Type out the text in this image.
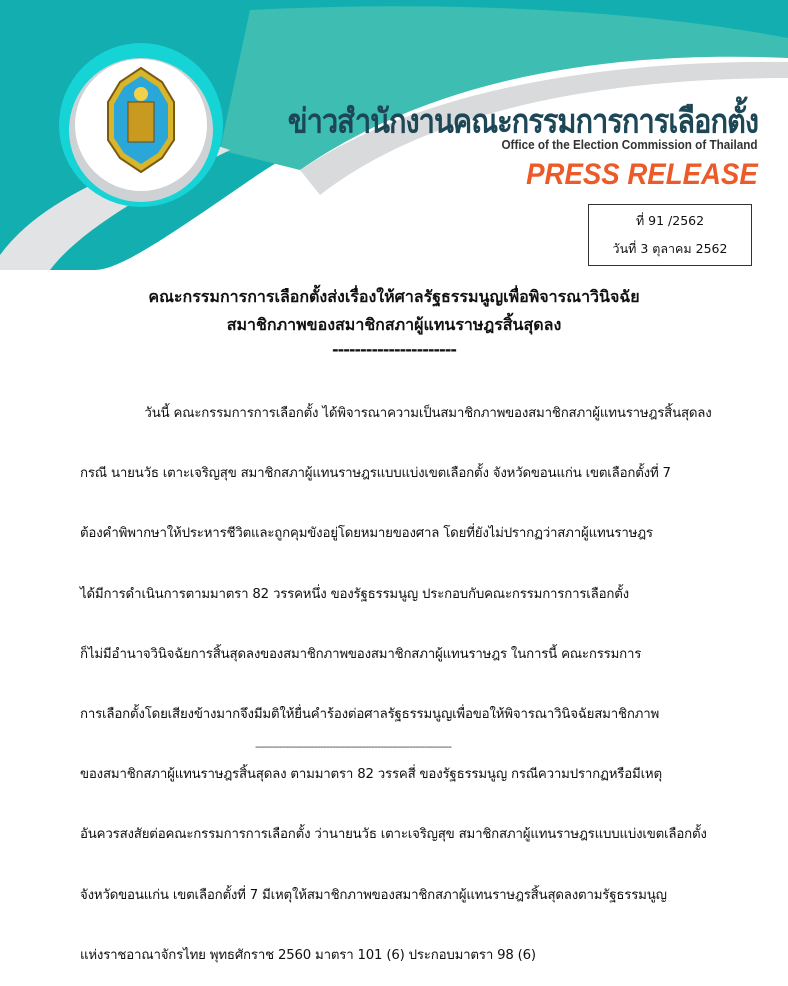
ข่าวสำนักงานคณะกรรมการการเลือกตั้ง
Office of the Election Commission of Thailand
PRESS RELEASE
ที่ 91 /2562
วันที่ 3 ตุลาคม 2562
คณะกรรมการการเลือกตั้งส่งเรื่องให้ศาลรัฐธรรมนูญเพื่อพิจารณาวินิจฉัย
สมาชิกภาพของสมาชิกสภาผู้แทนราษฎรสิ้นสุดลง
----------------------

วันนี้ คณะกรรมการการเลือกตั้ง ได้พิจารณาความเป็นสมาชิกภาพของสมาชิกสภาผู้แทนราษฎรสิ้นสุดลง

กรณี นายนวัธ เตาะเจริญสุข สมาชิกสภาผู้แทนราษฎรแบบแบ่งเขตเลือกตั้ง จังหวัดขอนแก่น เขตเลือกตั้งที่ 7

ต้องคำพิพากษาให้ประหารชีวิตและถูกคุมขังอยู่โดยหมายของศาล โดยที่ยังไม่ปรากฏว่าสภาผู้แทนราษฎร

ได้มีการดำเนินการตามมาตรา 82 วรรคหนึ่ง ของรัฐธรรมนูญ ประกอบกับคณะกรรมการการเลือกตั้ง

ก็ไม่มีอำนาจวินิจฉัยการสิ้นสุดลงของสมาชิกภาพของสมาชิกสภาผู้แทนราษฎร ในการนี้ คณะกรรมการ

การเลือกตั้งโดยเสียงข้างมากจึงมีมติให้ยื่นคำร้องต่อศาลรัฐธรรมนูญเพื่อขอให้พิจารณาวินิจฉัยสมาชิกภาพ

ของสมาชิกสภาผู้แทนราษฎรสิ้นสุดลง ตามมาตรา 82 วรรคสี่ ของรัฐธรรมนูญ กรณีความปรากฏหรือมีเหตุ

อันควรสงสัยต่อคณะกรรมการการเลือกตั้ง ว่านายนวัธ เตาะเจริญสุข สมาชิกสภาผู้แทนราษฎรแบบแบ่งเขตเลือกตั้ง

จังหวัดขอนแก่น เขตเลือกตั้งที่ 7 มีเหตุให้สมาชิกภาพของสมาชิกสภาผู้แทนราษฎรสิ้นสุดลงตามรัฐธรรมนูญ

แห่งราชอาณาจักรไทย พุทธศักราช 2560 มาตรา 101 (6) ประกอบมาตรา 98 (6)

------------------------------------------------------------------
